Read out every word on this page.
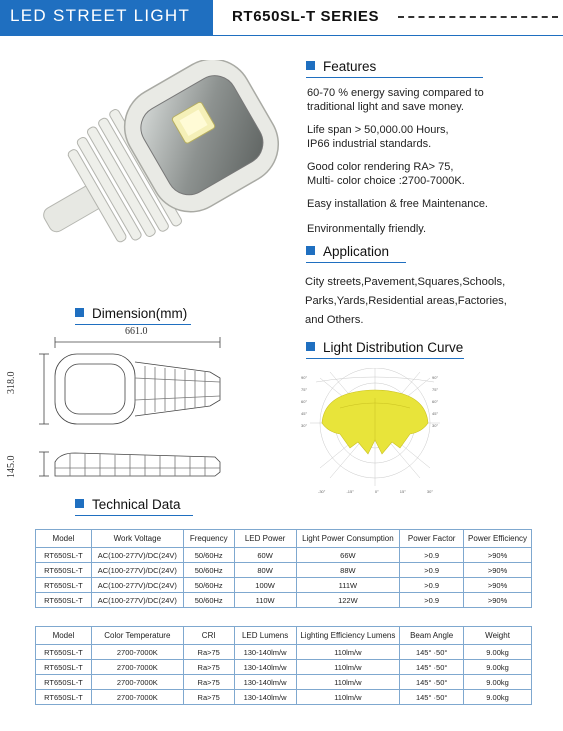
LED STREET LIGHT	RT650SL-T SERIES
Features
60-70 % energy saving compared to
traditional light and save money.
Life span > 50,000.00 Hours,
IP66 industrial standards.
Good color rendering RA> 75,
Multi- color choice :2700-7000K.
Easy installation & free Maintenance.
Environmentally friendly.
Application
City streets,Pavement,Squares,Schools,
Parks,Yards,Residential areas,Factories,
and Others.
Dimension(mm)
661.0
318.0
145.0
Light Distribution Curve
90°
75°
60°
45°
30°
90°
75°
60°
45°
30°
-30°	-15°	0°	15°	30°
Technical Data
Model	Work Voltage	Frequency	LED Power	Light Power Consumption	Power Factor	Power Efficiency
RT650SL-T	AC(100-277V)/DC(24V)	50/60Hz	60W	66W	>0.9	>90%
RT650SL-T	AC(100-277V)/DC(24V)	50/60Hz	80W	88W	>0.9	>90%
RT650SL-T	AC(100-277V)/DC(24V)	50/60Hz	100W	111W	>0.9	>90%
RT650SL-T	AC(100-277V)/DC(24V)	50/60Hz	110W	122W	>0.9	>90%
Model	Color Temperature	CRI	LED Lumens	Lighting Efficiency Lumens	Beam Angle	Weight
RT650SL-T	2700-7000K	Ra>75	130-140lm/w	110lm/w	145° ·50°	9.00kg
RT650SL-T	2700-7000K	Ra>75	130-140lm/w	110lm/w	145° ·50°	9.00kg
RT650SL-T	2700-7000K	Ra>75	130-140lm/w	110lm/w	145° ·50°	9.00kg
RT650SL-T	2700-7000K	Ra>75	130-140lm/w	110lm/w	145° ·50°	9.00kg
